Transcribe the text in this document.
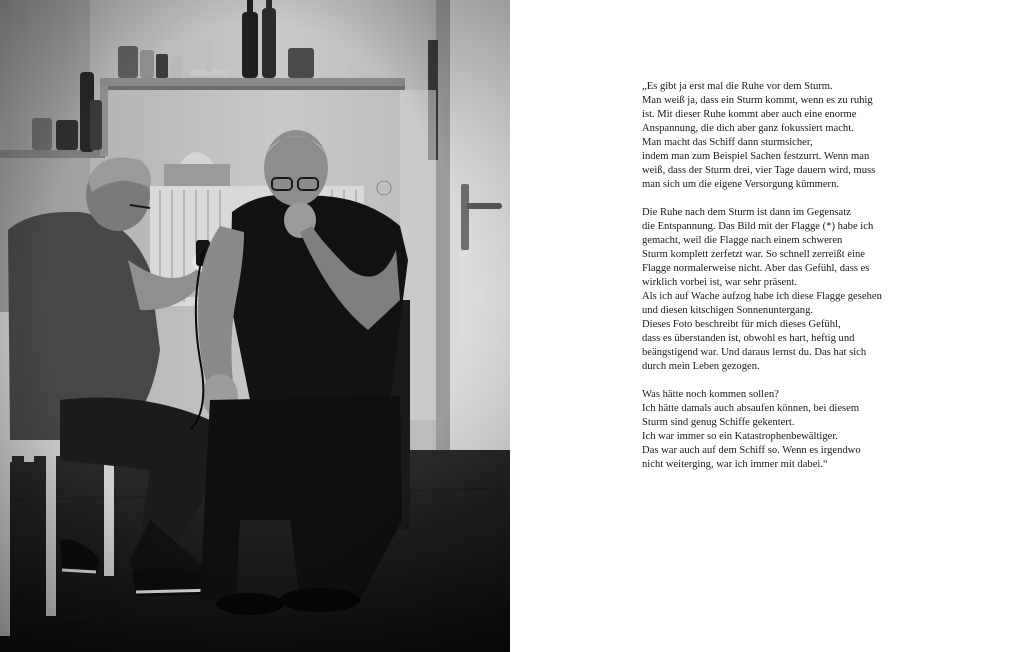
„Es gibt ja erst mal die Ruhe vor dem Sturm.
Man weiß ja, dass ein Sturm kommt, wenn es zu ruhig
ist. Mit dieser Ruhe kommt aber auch eine enorme
Anspannung, die dich aber ganz fokussiert macht.
Man macht das Schiff dann sturmsicher,
indem man zum Beispiel Sachen festzurrt. Wenn man
weiß, dass der Sturm drei, vier Tage dauern wird, muss
man sich um die eigene Versorgung kümmern.
Die Ruhe nach dem Sturm ist dann im Gegensatz
die Entspannung. Das Bild mit der Flagge (*) habe ich
gemacht, weil die Flagge nach einem schweren
Sturm komplett zerfetzt war. So schnell zerreißt eine
Flagge normalerweise nicht. Aber das Gefühl, dass es
wirklich vorbei ist, war sehr präsent.
Als ich auf Wache aufzog habe ich diese Flagge gesehen
und diesen kitschigen Sonnenuntergang.
Dieses Foto beschreibt für mich dieses Gefühl,
dass es überstanden ist, obwohl es hart, heftig und
beängstigend war. Und daraus lernst du. Das hat sich
durch mein Leben gezogen.
Was hätte noch kommen sollen?
Ich hätte damals auch absaufen können, bei diesem
Sturm sind genug Schiffe gekentert.
Ich war immer so ein Katastrophenbewältiger.
Das war auch auf dem Schiff so. Wenn es irgendwo
nicht weiterging, war ich immer mit dabei.“
